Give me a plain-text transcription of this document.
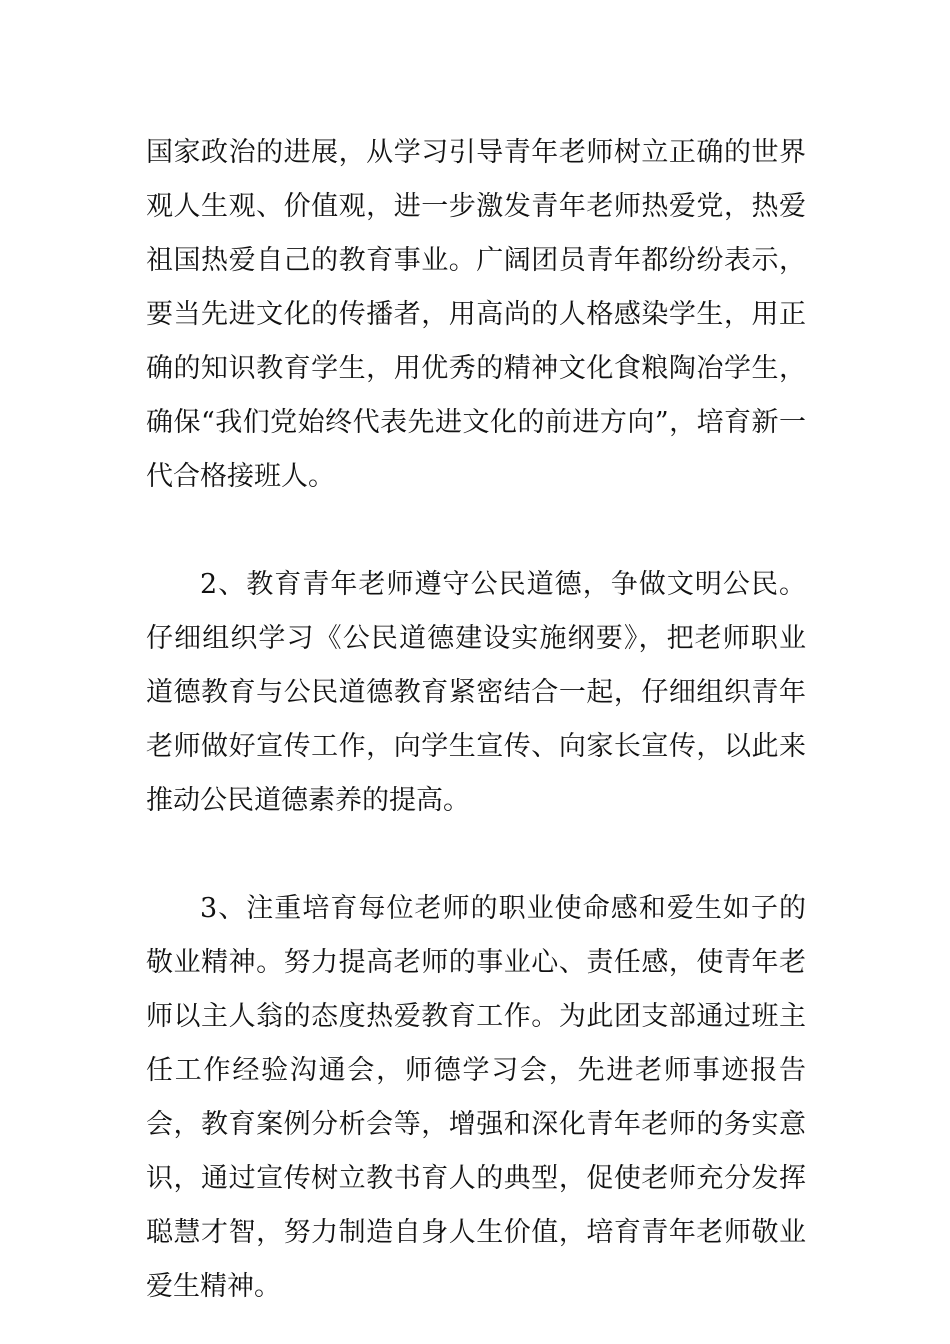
国家政治的进展，从学习引导青年老师树立正确的世界观人生观、价值观，进一步激发青年老师热爱党，热爱祖国热爱自己的教育事业。广阔团员青年都纷纷表示，要当先进文化的传播者，用高尚的人格感染学生，用正确的知识教育学生，用优秀的精神文化食粮陶冶学生，确保“我们党始终代表先进文化的前进方向”，培育新一代合格接班人。

2、教育青年老师遵守公民道德，争做文明公民。仔细组织学习《公民道德建设实施纲要》，把老师职业道德教育与公民道德教育紧密结合一起，仔细组织青年老师做好宣传工作，向学生宣传、向家长宣传，以此来推动公民道德素养的提高。

3、注重培育每位老师的职业使命感和爱生如子的敬业精神。努力提高老师的事业心、责任感，使青年老师以主人翁的态度热爱教育工作。为此团支部通过班主任工作经验沟通会，师德学习会，先进老师事迹报告会，教育案例分析会等，增强和深化青年老师的务实意识，通过宣传树立教书育人的典型，促使老师充分发挥聪慧才智，努力制造自身人生价值，培育青年老师敬业爱生精神。
